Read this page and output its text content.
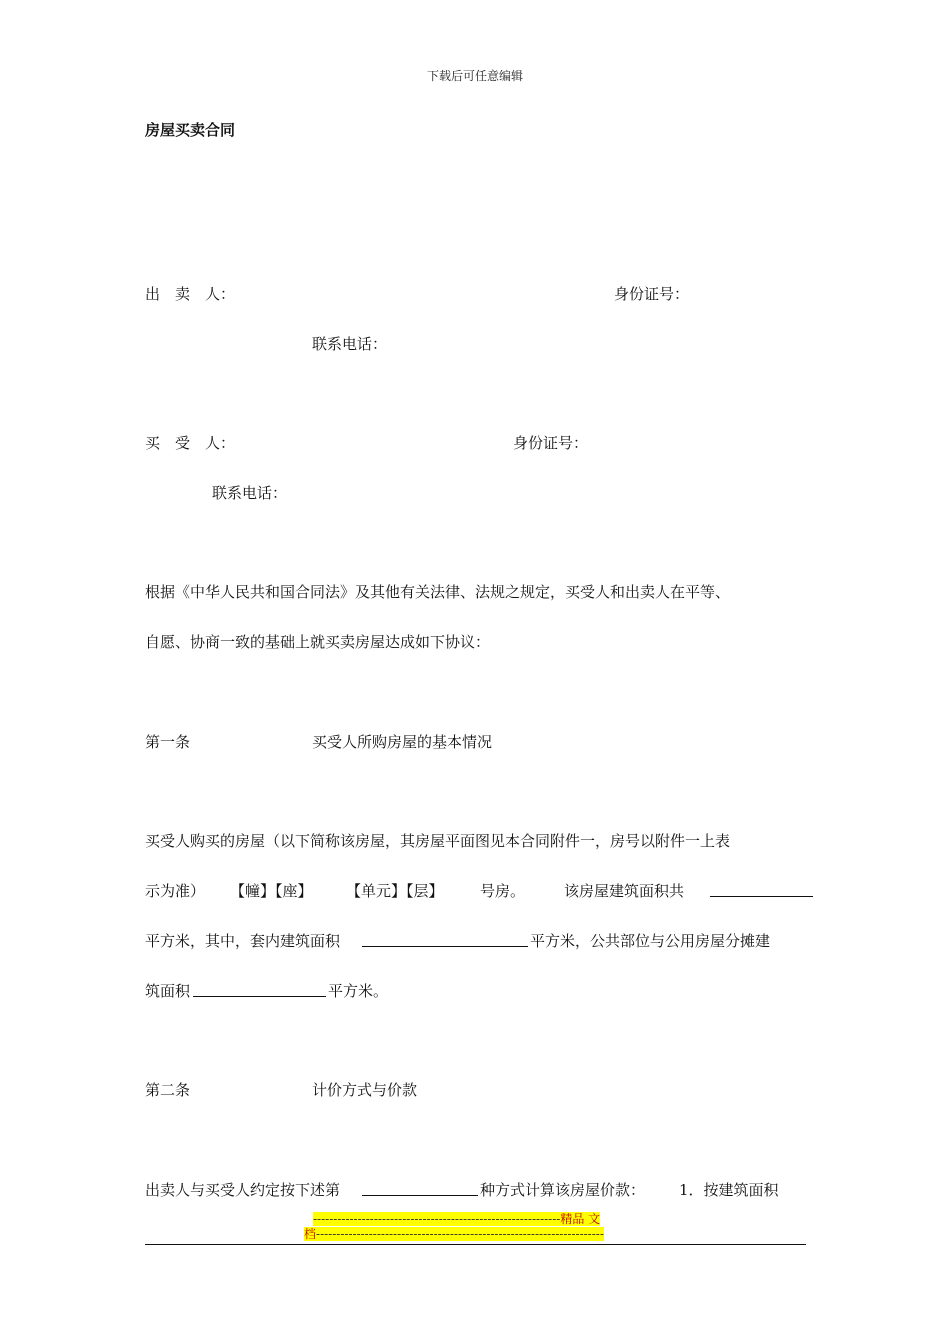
下载后可任意编辑
房屋买卖合同
出　卖　人：	身份证号：
联系电话：
买　受　人：	身份证号：
联系电话：
根据《中华人民共和国合同法》及其他有关法律、法规之规定，买受人和出卖人在平等、
自愿、协商一致的基础上就买卖房屋达成如下协议：
第一条	买受人所购房屋的基本情况
买受人购买的房屋（以下简称该房屋，其房屋平面图见本合同附件一，房号以附件一上表
示为准） 【幢】【座】 【单元】【层】 号房。	该房屋建筑面积共
平方米，其中，套内建筑面积	平方米，公共部位与公用房屋分摊建
筑面积	平方米。
第二条	计价方式与价款
出卖人与买受人约定按下述第	种方式计算该房屋价款： 1．按建筑面积
-------------------------------------------------------------精品 文
档-----------------------------------------------------------------------
